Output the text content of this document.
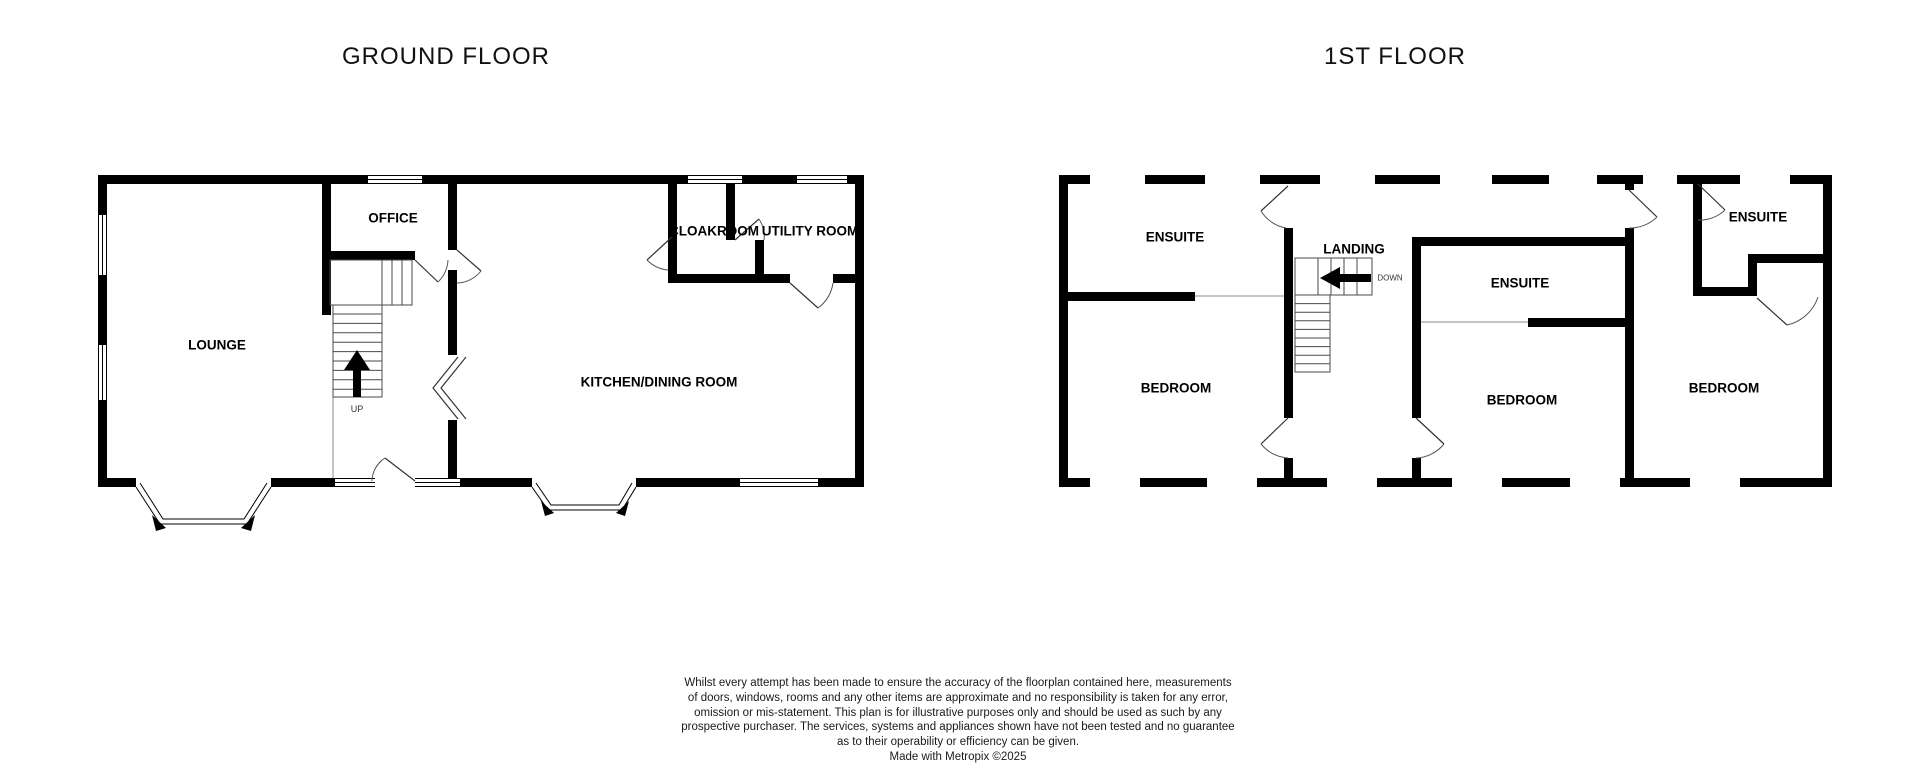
GROUND FLOOR	1ST FLOOR
LOUNGE
OFFICE
CLOAKROOM UTILITY ROOM
KITCHEN/DINING ROOM
UP
ENSUITE
LANDING
DOWN	ENSUITE
ENSUITE
BEDROOM
BEDROOM
BEDROOM
Whilst every attempt has been made to ensure the accuracy of the floorplan contained here, measurements
of doors, windows, rooms and any other items are approximate and no responsibility is taken for any error,
omission or mis-statement. This plan is for illustrative purposes only and should be used as such by any
prospective purchaser. The services, systems and appliances shown have not been tested and no guarantee
as to their operability or efficiency can be given.
Made with Metropix ©2025
